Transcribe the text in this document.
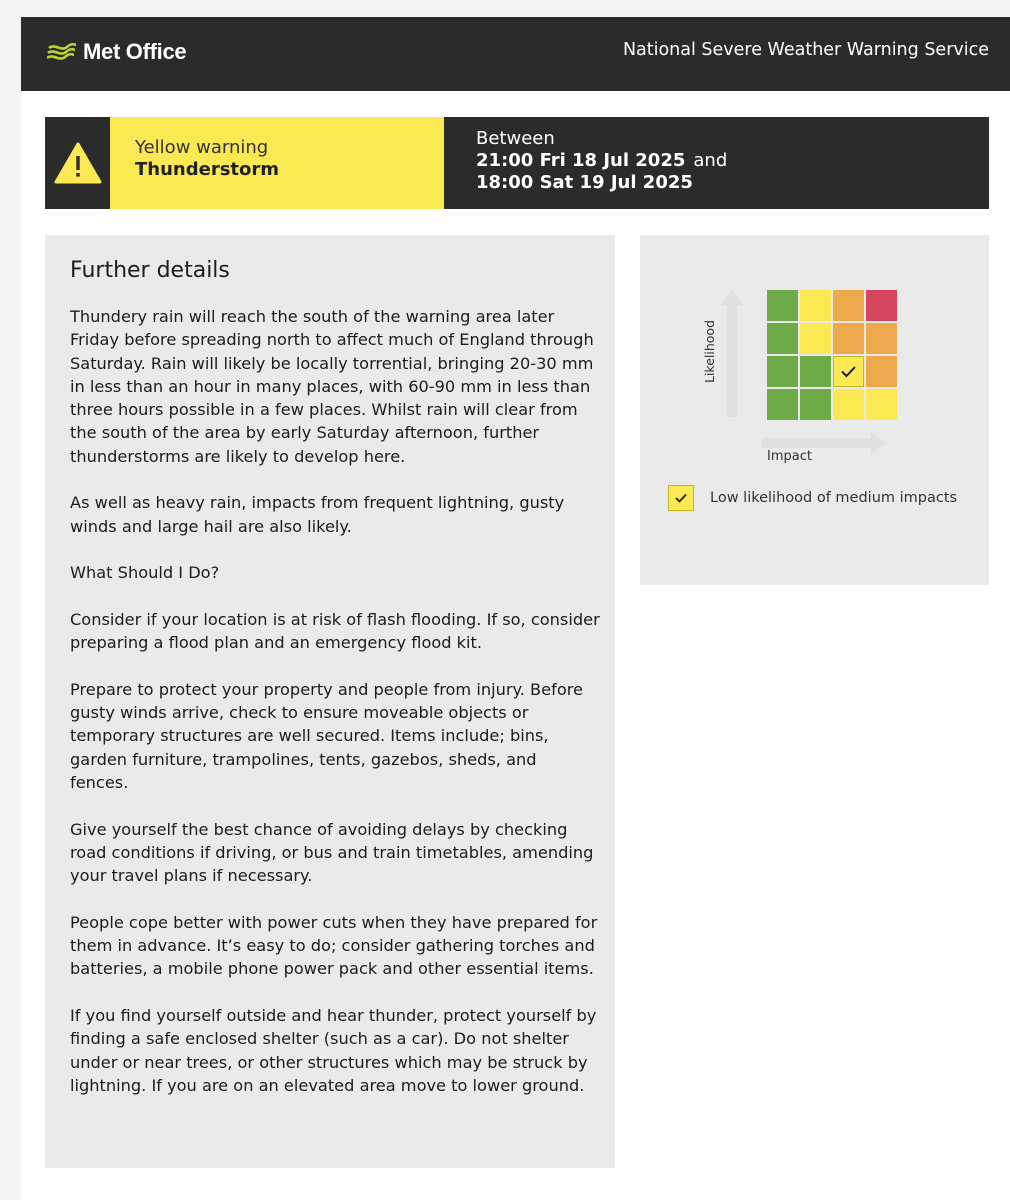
Met Office	National Severe Weather Warning Service
Yellow warning
Thunderstorm
Between
21:00 Fri 18 Jul 2025 and
18:00 Sat 19 Jul 2025
Further details

Thundery rain will reach the south of the warning area later Friday before spreading north to affect much of England through Saturday. Rain will likely be locally torrential, bringing 20-30 mm in less than an hour in many places, with 60-90 mm in less than three hours possible in a few places. Whilst rain will clear from the south of the area by early Saturday afternoon, further thunderstorms are likely to develop here.

As well as heavy rain, impacts from frequent lightning, gusty winds and large hail are also likely.

What Should I Do?

Consider if your location is at risk of flash flooding. If so, consider preparing a flood plan and an emergency flood kit.

Prepare to protect your property and people from injury. Before gusty winds arrive, check to ensure moveable objects or temporary structures are well secured. Items include; bins, garden furniture, trampolines, tents, gazebos, sheds, and fences.

Give yourself the best chance of avoiding delays by checking road conditions if driving, or bus and train timetables, amending your travel plans if necessary.

People cope better with power cuts when they have prepared for them in advance. It’s easy to do; consider gathering torches and batteries, a mobile phone power pack and other essential items.

If you find yourself outside and hear thunder, protect yourself by finding a safe enclosed shelter (such as a car). Do not shelter under or near trees, or other structures which may be struck by lightning. If you are on an elevated area move to lower ground.

Likelihood
Impact
Low likelihood of medium impacts
